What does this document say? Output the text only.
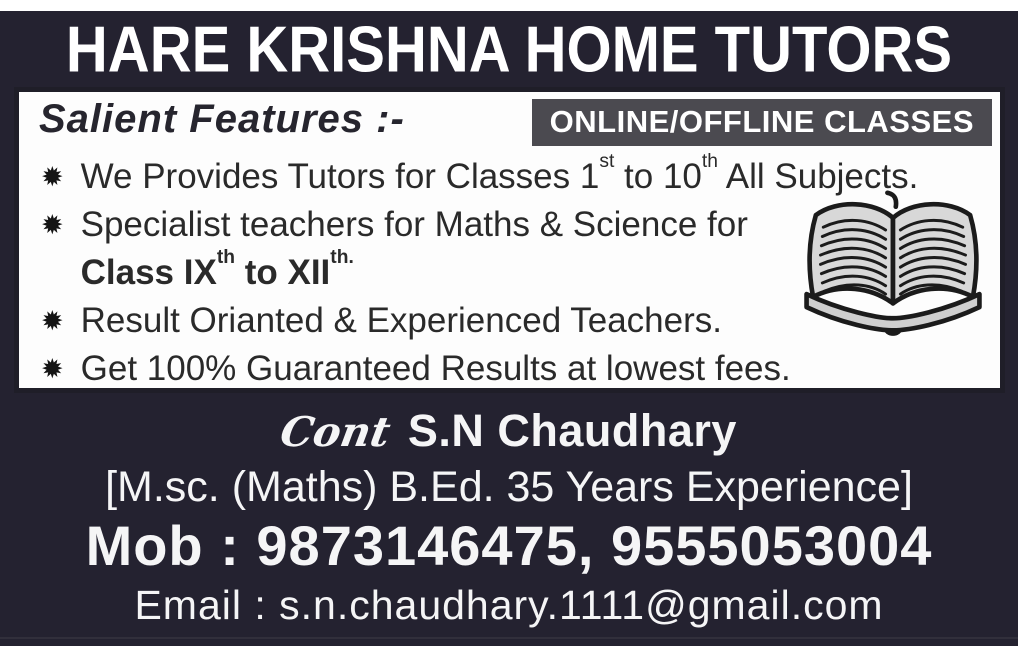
HARE KRISHNA HOME TUTORS
Salient Features :-	ONLINE/OFFLINE CLASSES
✹ We Provides Tutors for Classes 1st to 10th All Subjects.
✹ Specialist teachers for Maths & Science for
Class IXth to $XII^{th.}$
✹ Result Orianted & Experienced Teachers.
✹ Get 100% Guaranteed Results at lowest fees.
Cont S.N Chaudhary
[M.sc. (Maths) B.Ed. 35 Years Experience]
Mob : 9873146475, 9555053004
Email : s.n.chaudhary.1111@gmail.com
